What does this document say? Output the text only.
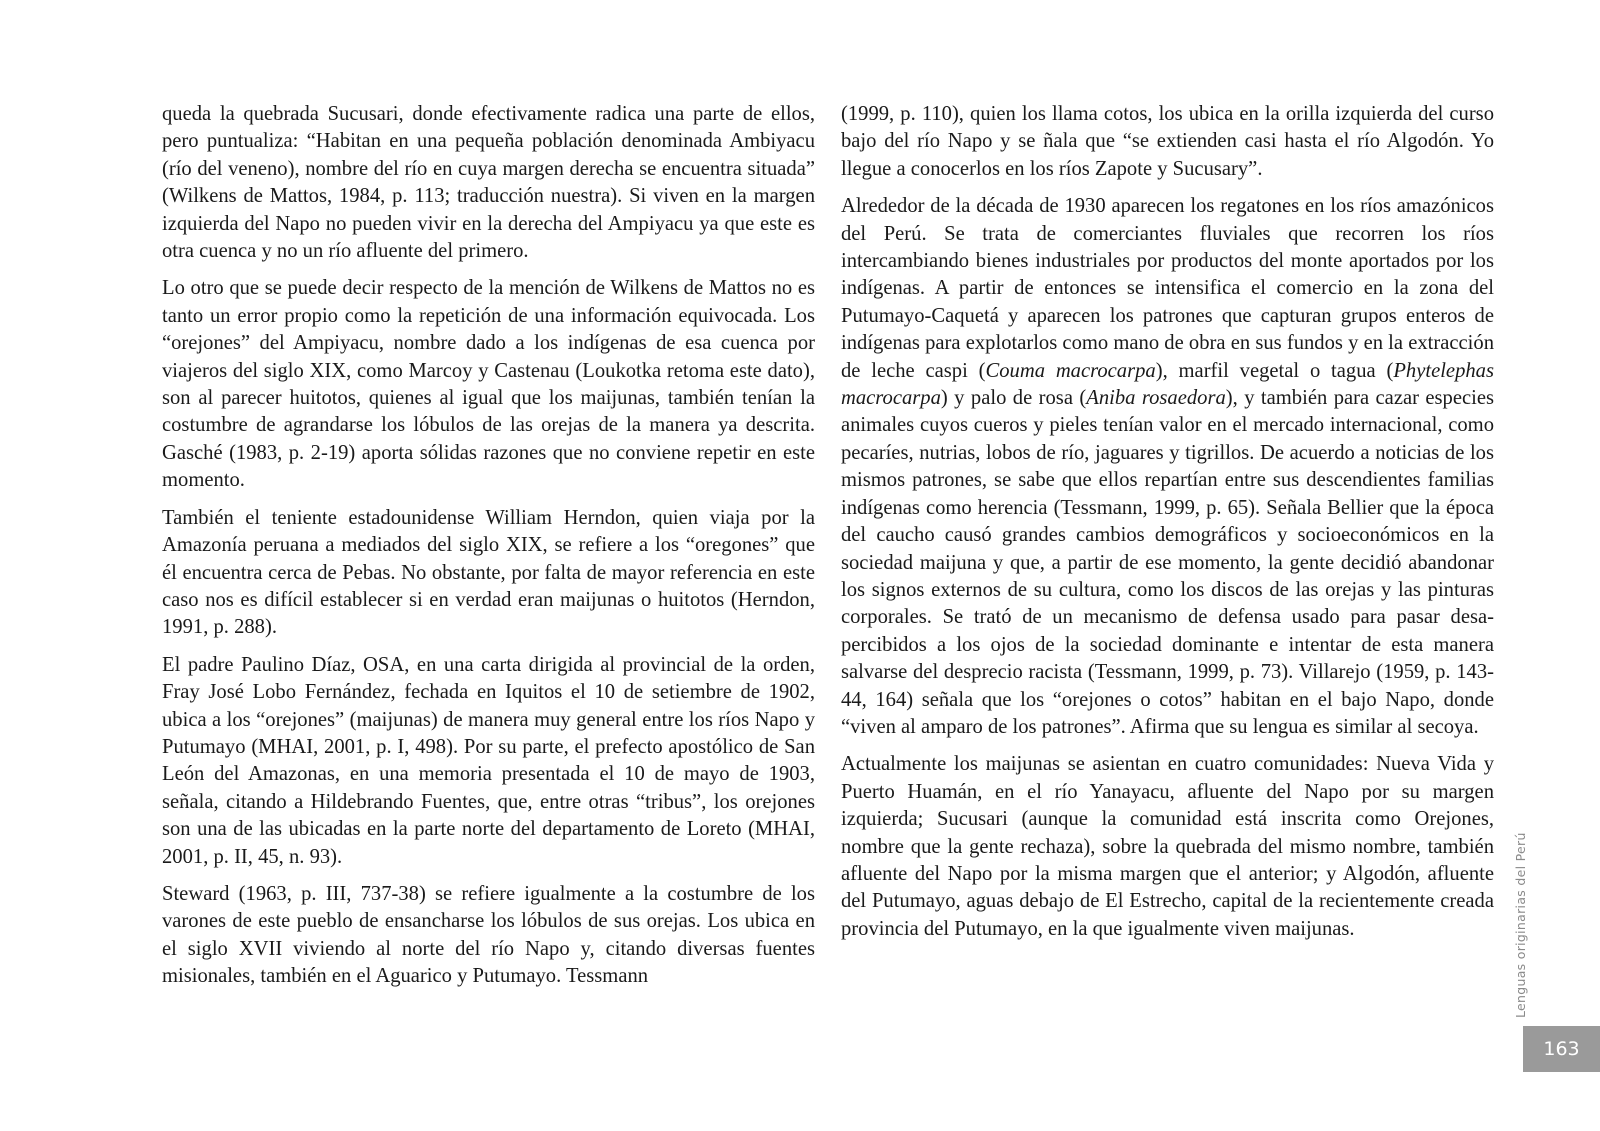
queda la quebrada Sucusari, donde efectivamente radica una parte de ellos, pero puntualiza: “Habitan en una pequeña población denominada Ambiyacu (río del veneno), nombre del río en cuya margen derecha se encuentra situada” (Wilkens de Mattos, 1984, p. 113; traducción nuestra). Si viven en la margen izquierda del Napo no pueden vivir en la derecha del Ampiyacu ya que este es otra cuenca y no un río afluente del primero.

Lo otro que se puede decir respecto de la mención de Wilkens de Mattos no es tanto un error propio como la repetición de una información equivocada. Los “orejones” del Ampiyacu, nombre dado a los indígenas de esa cuenca por viajeros del siglo XIX, como Marcoy y Castenau (Loukotka retoma este dato), son al parecer huitotos, quienes al igual que los maijunas, también tenían la costumbre de agrandarse los lóbulos de las orejas de la manera ya descrita. Gasché (1983, p. 2-19) aporta sólidas razones que no conviene repetir en este momento.

También el teniente estadounidense William Herndon, quien viaja por la Amazonía peruana a mediados del siglo XIX, se refiere a los “oregones” que él encuentra cerca de Pebas. No obstante, por falta de mayor referencia en este caso nos es difícil establecer si en verdad eran maijunas o huitotos (Herndon, 1991, p. 288).

El padre Paulino Díaz, OSA, en una carta dirigida al provincial de la orden, Fray José Lobo Fernández, fechada en Iquitos el 10 de setiembre de 1902, ubica a los “orejones” (maijunas) de manera muy general entre los ríos Napo y Putumayo (MHAI, 2001, p. I, 498). Por su parte, el prefecto apostólico de San León del Amazonas, en una memoria presentada el 10 de mayo de 1903, señala, citando a Hildebrando Fuentes, que, entre otras “tribus”, los orejones son una de las ubicadas en la parte norte del departamento de Loreto (MHAI, 2001, p. II, 45, n. 93).

Steward (1963, p. III, 737-38) se refiere igualmente a la costumbre de los varones de este pueblo de ensancharse los lóbulos de sus orejas. Los ubica en el siglo XVII viviendo al norte del río Napo y, citando diversas fuentes misionales, también en el Aguarico y Putumayo. Tessmann

(1999, p. 110), quien los llama cotos, los ubica en la orilla izquierda del curso bajo del río Napo y se ñala que “se extienden casi hasta el río Algodón. Yo llegue a conocerlos en los ríos Zapote y Sucusary”.

Alrededor de la década de 1930 aparecen los regatones en los ríos amazónicos del Perú. Se trata de comerciantes fluviales que recorren los ríos intercambiando bienes industriales por productos del monte aportados por los indígenas. A partir de entonces se intensifica el comercio en la zona del Putumayo-Caquetá y aparecen los patrones que capturan grupos enteros de indígenas para explotarlos como mano de obra en sus fundos y en la extracción de leche caspi (Couma macrocarpa), marfil vegetal o tagua (Phytelephas macrocarpa) y palo de rosa (Aniba rosaedora), y también para cazar especies animales cuyos cueros y pieles tenían valor en el mercado internacional, como pecaríes, nutrias, lobos de río, jaguares y tigrillos. De acuerdo a noticias de los mismos patrones, se sabe que ellos repartían entre sus descendientes familias indígenas como herencia (Tessmann, 1999, p. 65). Señala Bellier que la época del caucho causó grandes cambios demográficos y socioeconómicos en la sociedad maijuna y que, a partir de ese momento, la gente decidió abandonar los signos externos de su cultura, como los discos de las orejas y las pinturas corporales. Se trató de un mecanismo de defensa usado para pasar desapercibidos a los ojos de la sociedad dominante e intentar de esta manera salvarse del desprecio racista (Tessmann, 1999, p. 73). Villarejo (1959, p. 143-44, 164) señala que los “orejones o cotos” habitan en el bajo Napo, donde “viven al amparo de los patrones”. Afirma que su lengua es similar al secoya.

Actualmente los maijunas se asientan en cuatro comunidades: Nueva Vida y Puerto Huamán, en el río Yanayacu, afluente del Napo por su margen izquierda; Sucusari (aunque la comunidad está inscrita como Orejones, nombre que la gente rechaza), sobre la quebrada del mismo nombre, también afluente del Napo por la misma margen que el anterior; y Algodón, afluente del Putumayo, aguas debajo de El Estrecho, capital de la recientemente creada provincia del Putumayo, en la que igualmente viven maijunas.	Lenguas originarias del Perú
163
